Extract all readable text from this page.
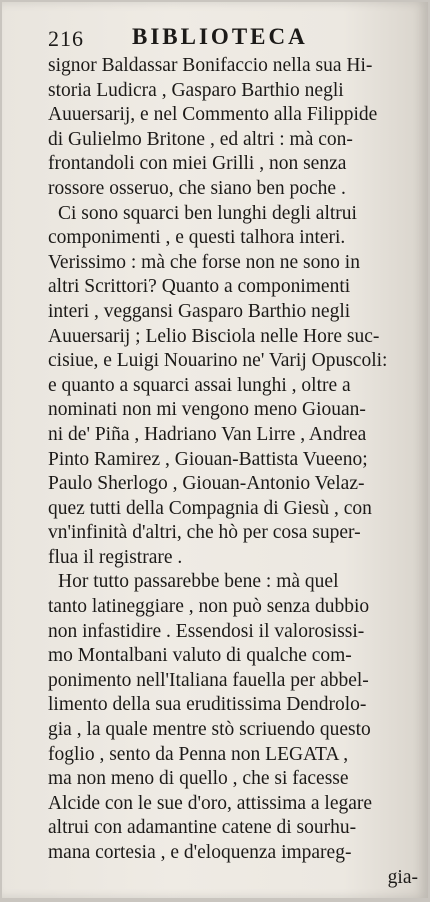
216 BIBLIOTECA
signor Baldassar Bonifaccio nella sua Hi-
storia Ludicra , Gasparo Barthio negli
Auuersarij, e nel Commento alla Filippide
di Gulielmo Britone , ed altri : mà con-
frontandoli con miei Grilli , non senza
rossore osseruo, che siano ben poche .
Ci sono squarci ben lunghi degli altrui
componimenti , e questi talhora interi.
Verissimo : mà che forse non ne sono in
altri Scrittori? Quanto a componimenti
interi , veggansi Gasparo Barthio negli
Auuersarij ; Lelio Bisciola nelle Hore suc-
cisiue, e Luigi Nouarino ne' Varij Opuscoli:
e quanto a squarci assai lunghi , oltre a
nominati non mi vengono meno Giouan-
ni de' Piña , Hadriano Van Lirre , Andrea
Pinto Ramirez , Giouan-Battista Vueeno;
Paulo Sherlogo , Giouan-Antonio Velaz-
quez tutti della Compagnia di Giesù , con
vn'infinità d'altri, che hò per cosa super-
flua il registrare .
Hor tutto passarebbe bene : mà quel
tanto latineggiare , non può senza dubbio
non infastidire . Essendosi il valorosissi-
mo Montalbani valuto di qualche com-
ponimento nell'Italiana fauella per abbel-
limento della sua eruditissima Dendrolo-
gia , la quale mentre stò scriuendo questo
foglio , sento da Penna non LEGATA ,
ma non meno di quello , che si facesse
Alcide con le sue d'oro, attissima a legare
altrui con adamantine catene di sourhu-
mana cortesia , e d'eloquenza impareg-
gia-
